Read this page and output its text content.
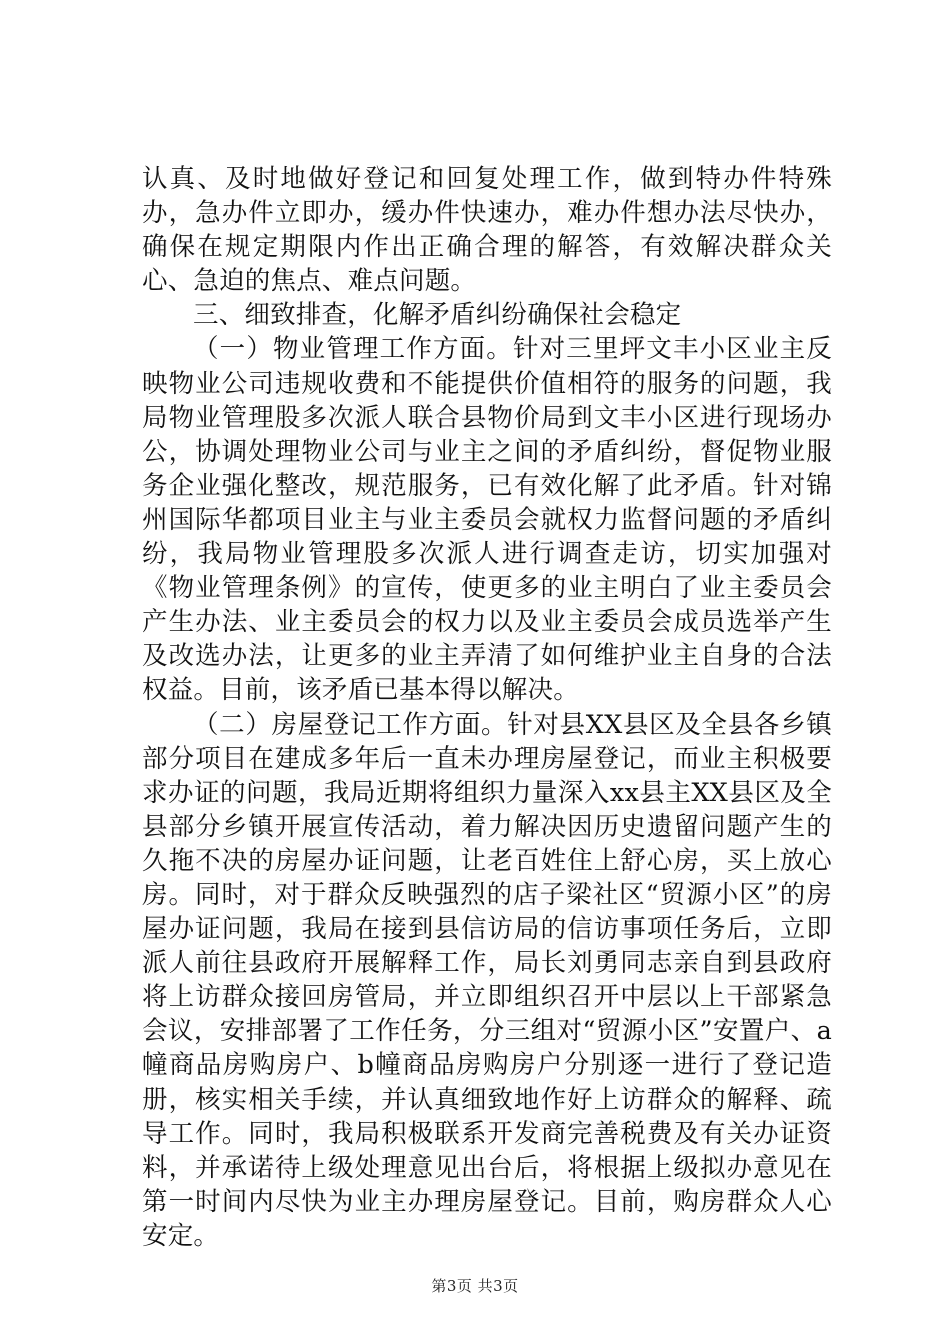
认真、及时地做好登记和回复处理工作，做到特办件特殊办，急办件立即办，缓办件快速办，难办件想办法尽快办，确保在规定期限内作出正确合理的解答，有效解决群众关心、急迫的焦点、难点问题。

三、细致排查，化解矛盾纠纷确保社会稳定

（一）物业管理工作方面。针对三里坪文丰小区业主反映物业公司违规收费和不能提供价值相符的服务的问题，我局物业管理股多次派人联合县物价局到文丰小区进行现场办公，协调处理物业公司与业主之间的矛盾纠纷，督促物业服务企业强化整改，规范服务，已有效化解了此矛盾。针对锦州国际华都项目业主与业主委员会就权力监督问题的矛盾纠纷，我局物业管理股多次派人进行调查走访，切实加强对《物业管理条例》的宣传，使更多的业主明白了业主委员会产生办法、业主委员会的权力以及业主委员会成员选举产生及改选办法，让更多的业主弄清了如何维护业主自身的合法权益。目前，该矛盾已基本得以解决。

（二）房屋登记工作方面。针对县XX县区及全县各乡镇部分项目在建成多年后一直未办理房屋登记，而业主积极要求办证的问题，我局近期将组织力量深入xx县主XX县区及全县部分乡镇开展宣传活动，着力解决因历史遗留问题产生的久拖不决的房屋办证问题，让老百姓住上舒心房，买上放心房。同时，对于群众反映强烈的店子梁社区“贸源小区”的房屋办证问题，我局在接到县信访局的信访事项任务后，立即派人前往县政府开展解释工作，局长刘勇同志亲自到县政府将上访群众接回房管局，并立即组织召开中层以上干部紧急会议，安排部署了工作任务，分三组对“贸源小区”安置户、a幢商品房购房户、b幢商品房购房户分别逐一进行了登记造册，核实相关手续，并认真细致地作好上访群众的解释、疏导工作。同时，我局积极联系开发商完善税费及有关办证资料，并承诺待上级处理意见出台后，将根据上级拟办意见在第一时间内尽快为业主办理房屋登记。目前，购房群众人心安定。

第3页 共3页
